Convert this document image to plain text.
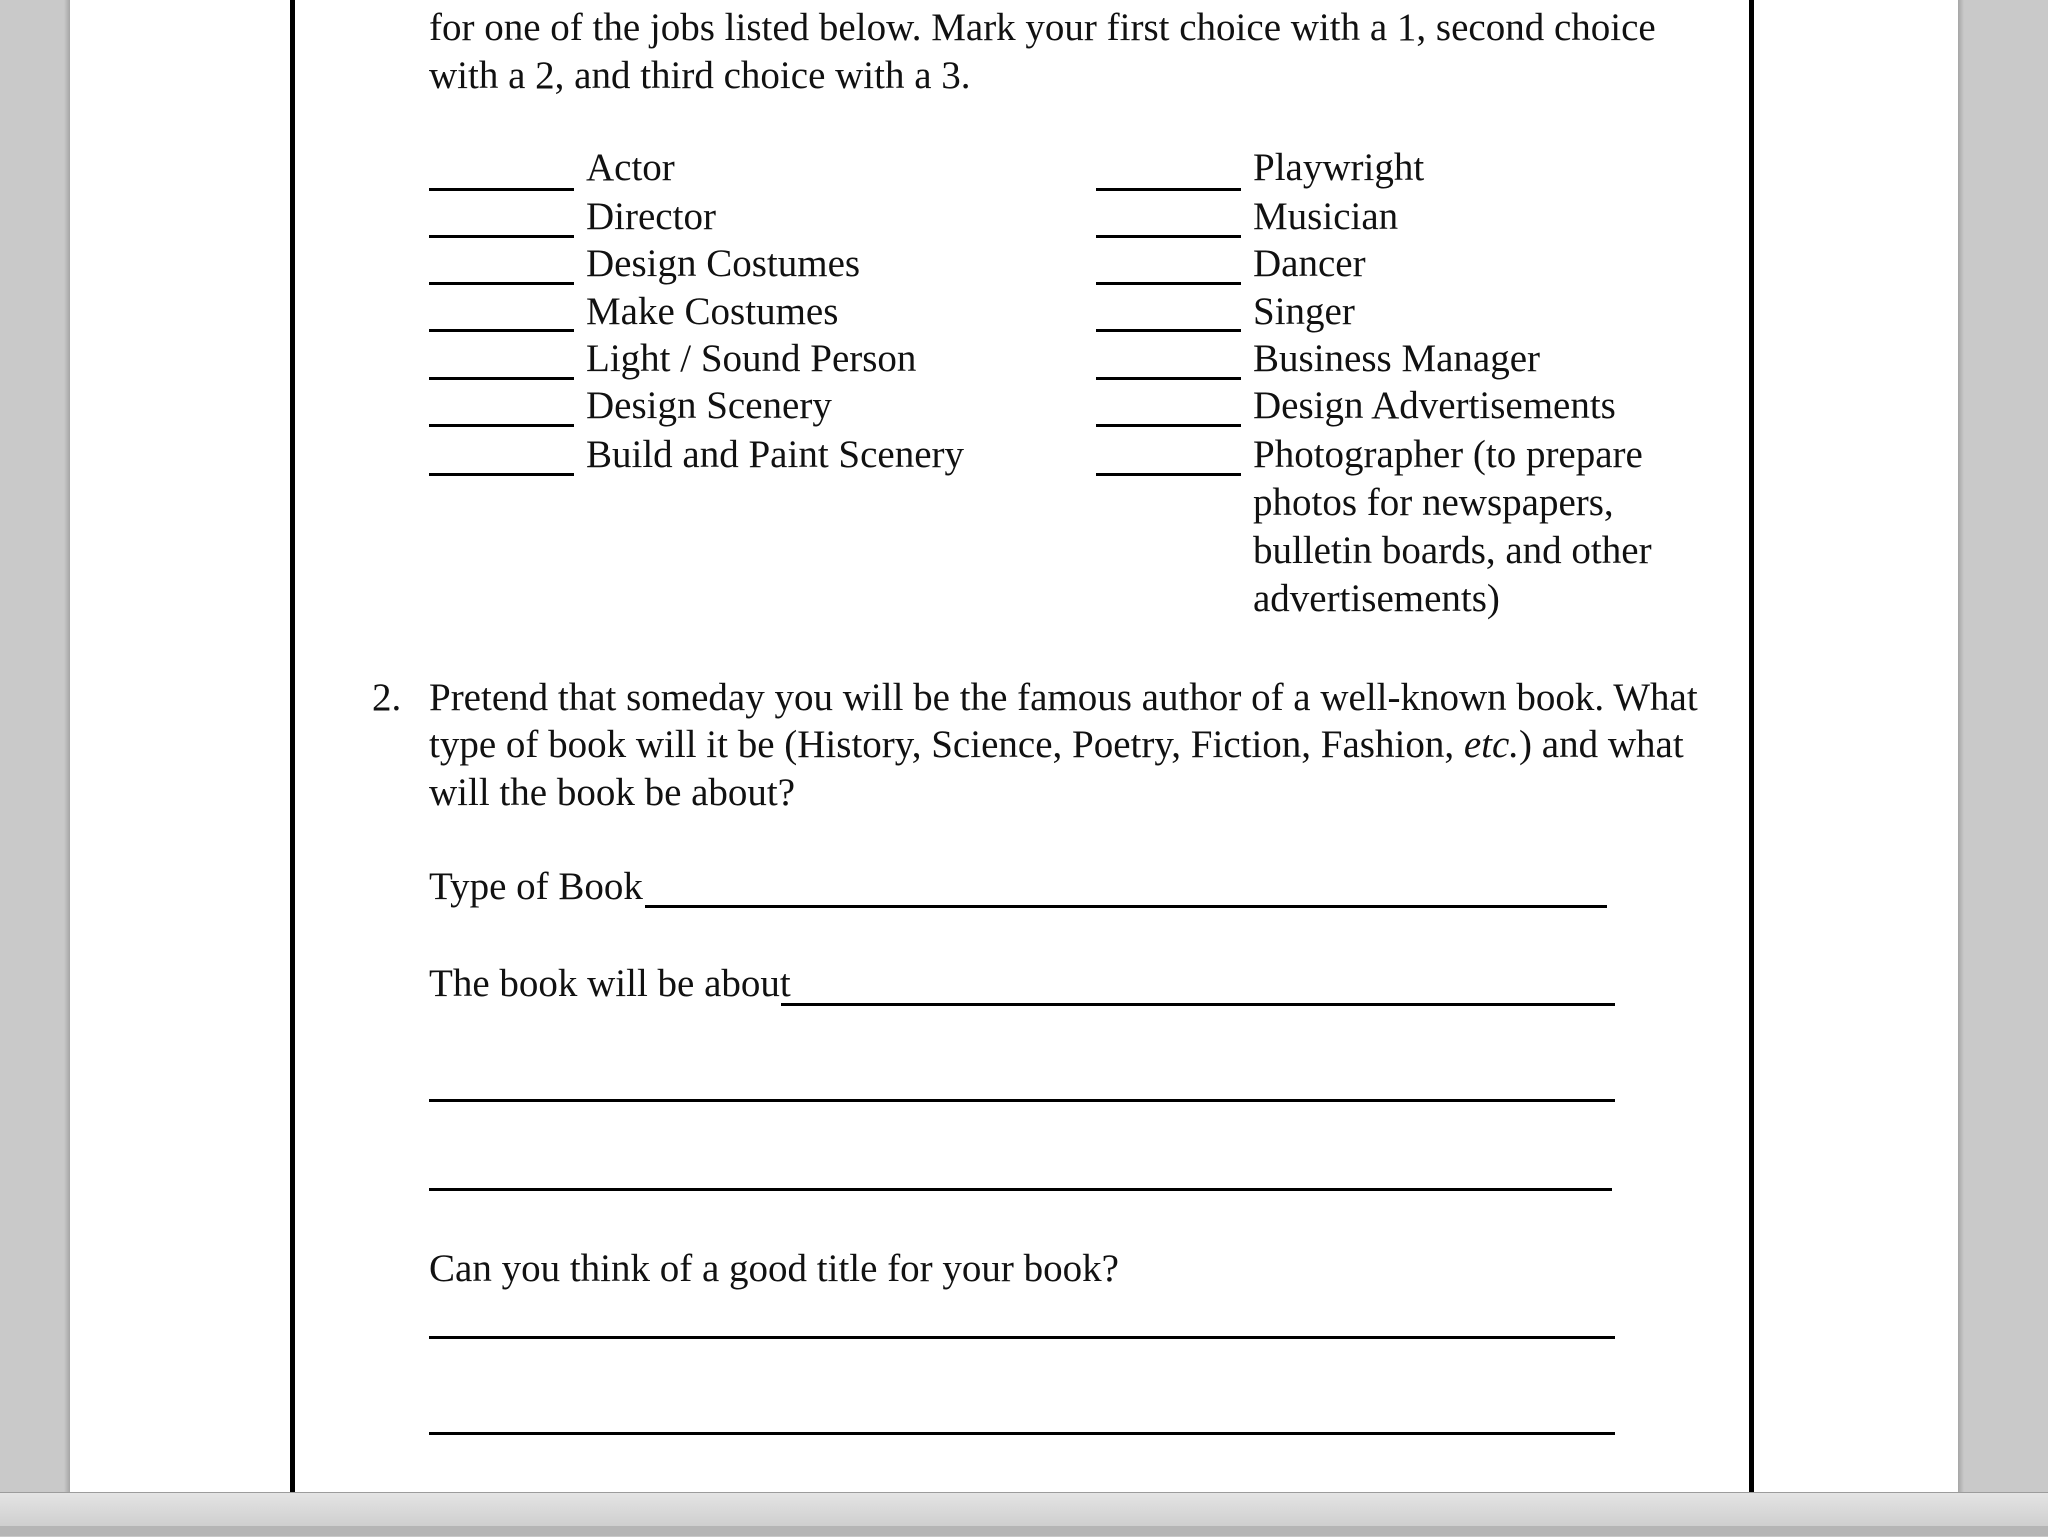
for one of the jobs listed below. Mark your first choice with a 1, second choice
with a 2, and third choice with a 3.
Actor
Director
Design Costumes
Make Costumes
Light / Sound Person
Design Scenery
Build and Paint Scenery
Playwright
Musician
Dancer
Singer
Business Manager
Design Advertisements
Photographer (to prepare
photos for newspapers,
bulletin boards, and other
advertisements)
2. Pretend that someday you will be the famous author of a well-known book. What
type of book will it be (History, Science, Poetry, Fiction, Fashion, etc.) and what
will the book be about?
Type of Book
The book will be about
Can you think of a good title for your book?
